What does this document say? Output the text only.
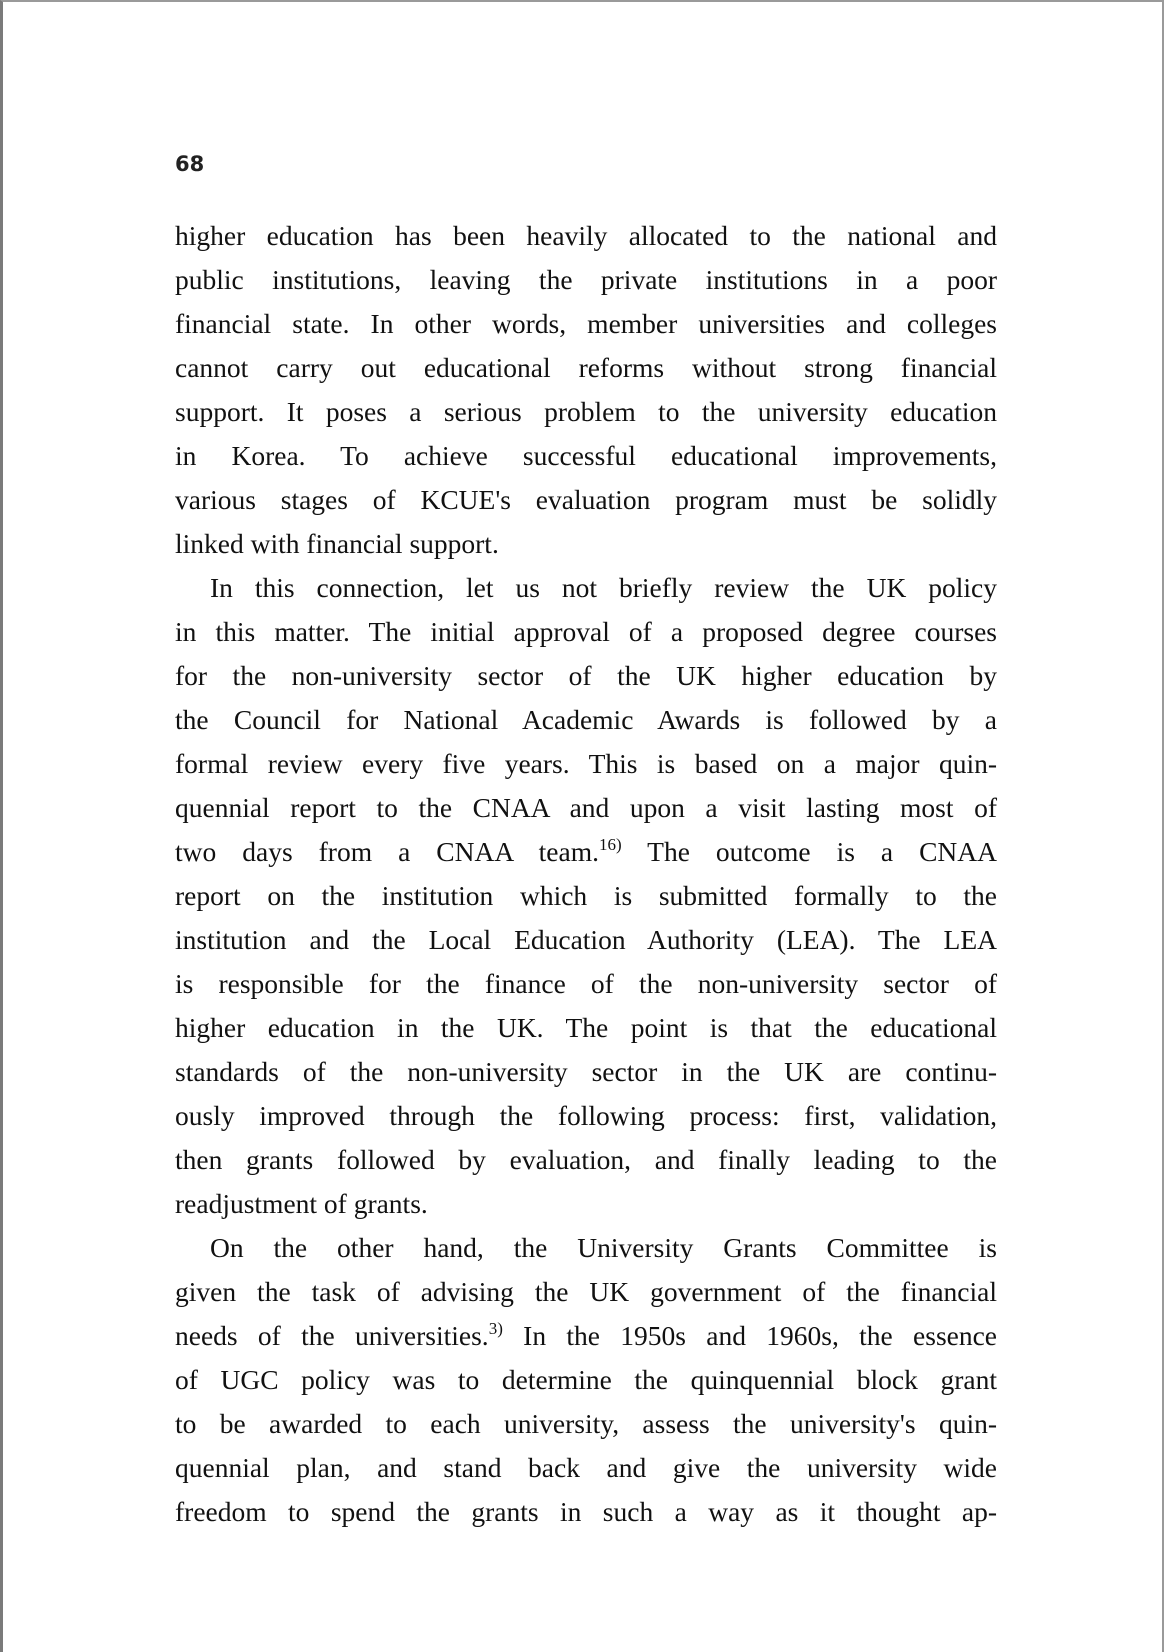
68

higher education has been heavily allocated to the national and
public institutions, leaving the private institutions in a poor
financial state. In other words, member universities and colleges
cannot carry out educational reforms without strong financial
support. It poses a serious problem to the university education
in Korea. To achieve successful educational improvements,
various stages of KCUE's evaluation program must be solidly
linked with financial support.
In this connection, let us not briefly review the UK policy
in this matter. The initial approval of a proposed degree courses
for the non-university sector of the UK higher education by
the Council for National Academic Awards is followed by a
formal review every five years. This is based on a major quin-
quennial report to the CNAA and upon a visit lasting most of
two days from a CNAA team.$^{16)}$ The outcome is a CNAA
report on the institution which is submitted formally to the
institution and the Local Education Authority (LEA). The LEA
is responsible for the finance of the non-university sector of
higher education in the UK. The point is that the educational
standards of the non-university sector in the UK are continu-
ously improved through the following process: first, validation,
then grants followed by evaluation, and finally leading to the
readjustment of grants.
On the other hand, the University Grants Committee is
given the task of advising the UK government of the financial
needs of the universities.$^{3)}$ In the 1950s and 1960s, the essence
of UGC policy was to determine the quinquennial block grant
to be awarded to each university, assess the university's quin-
quennial plan, and stand back and give the university wide
freedom to spend the grants in such a way as it thought ap-
